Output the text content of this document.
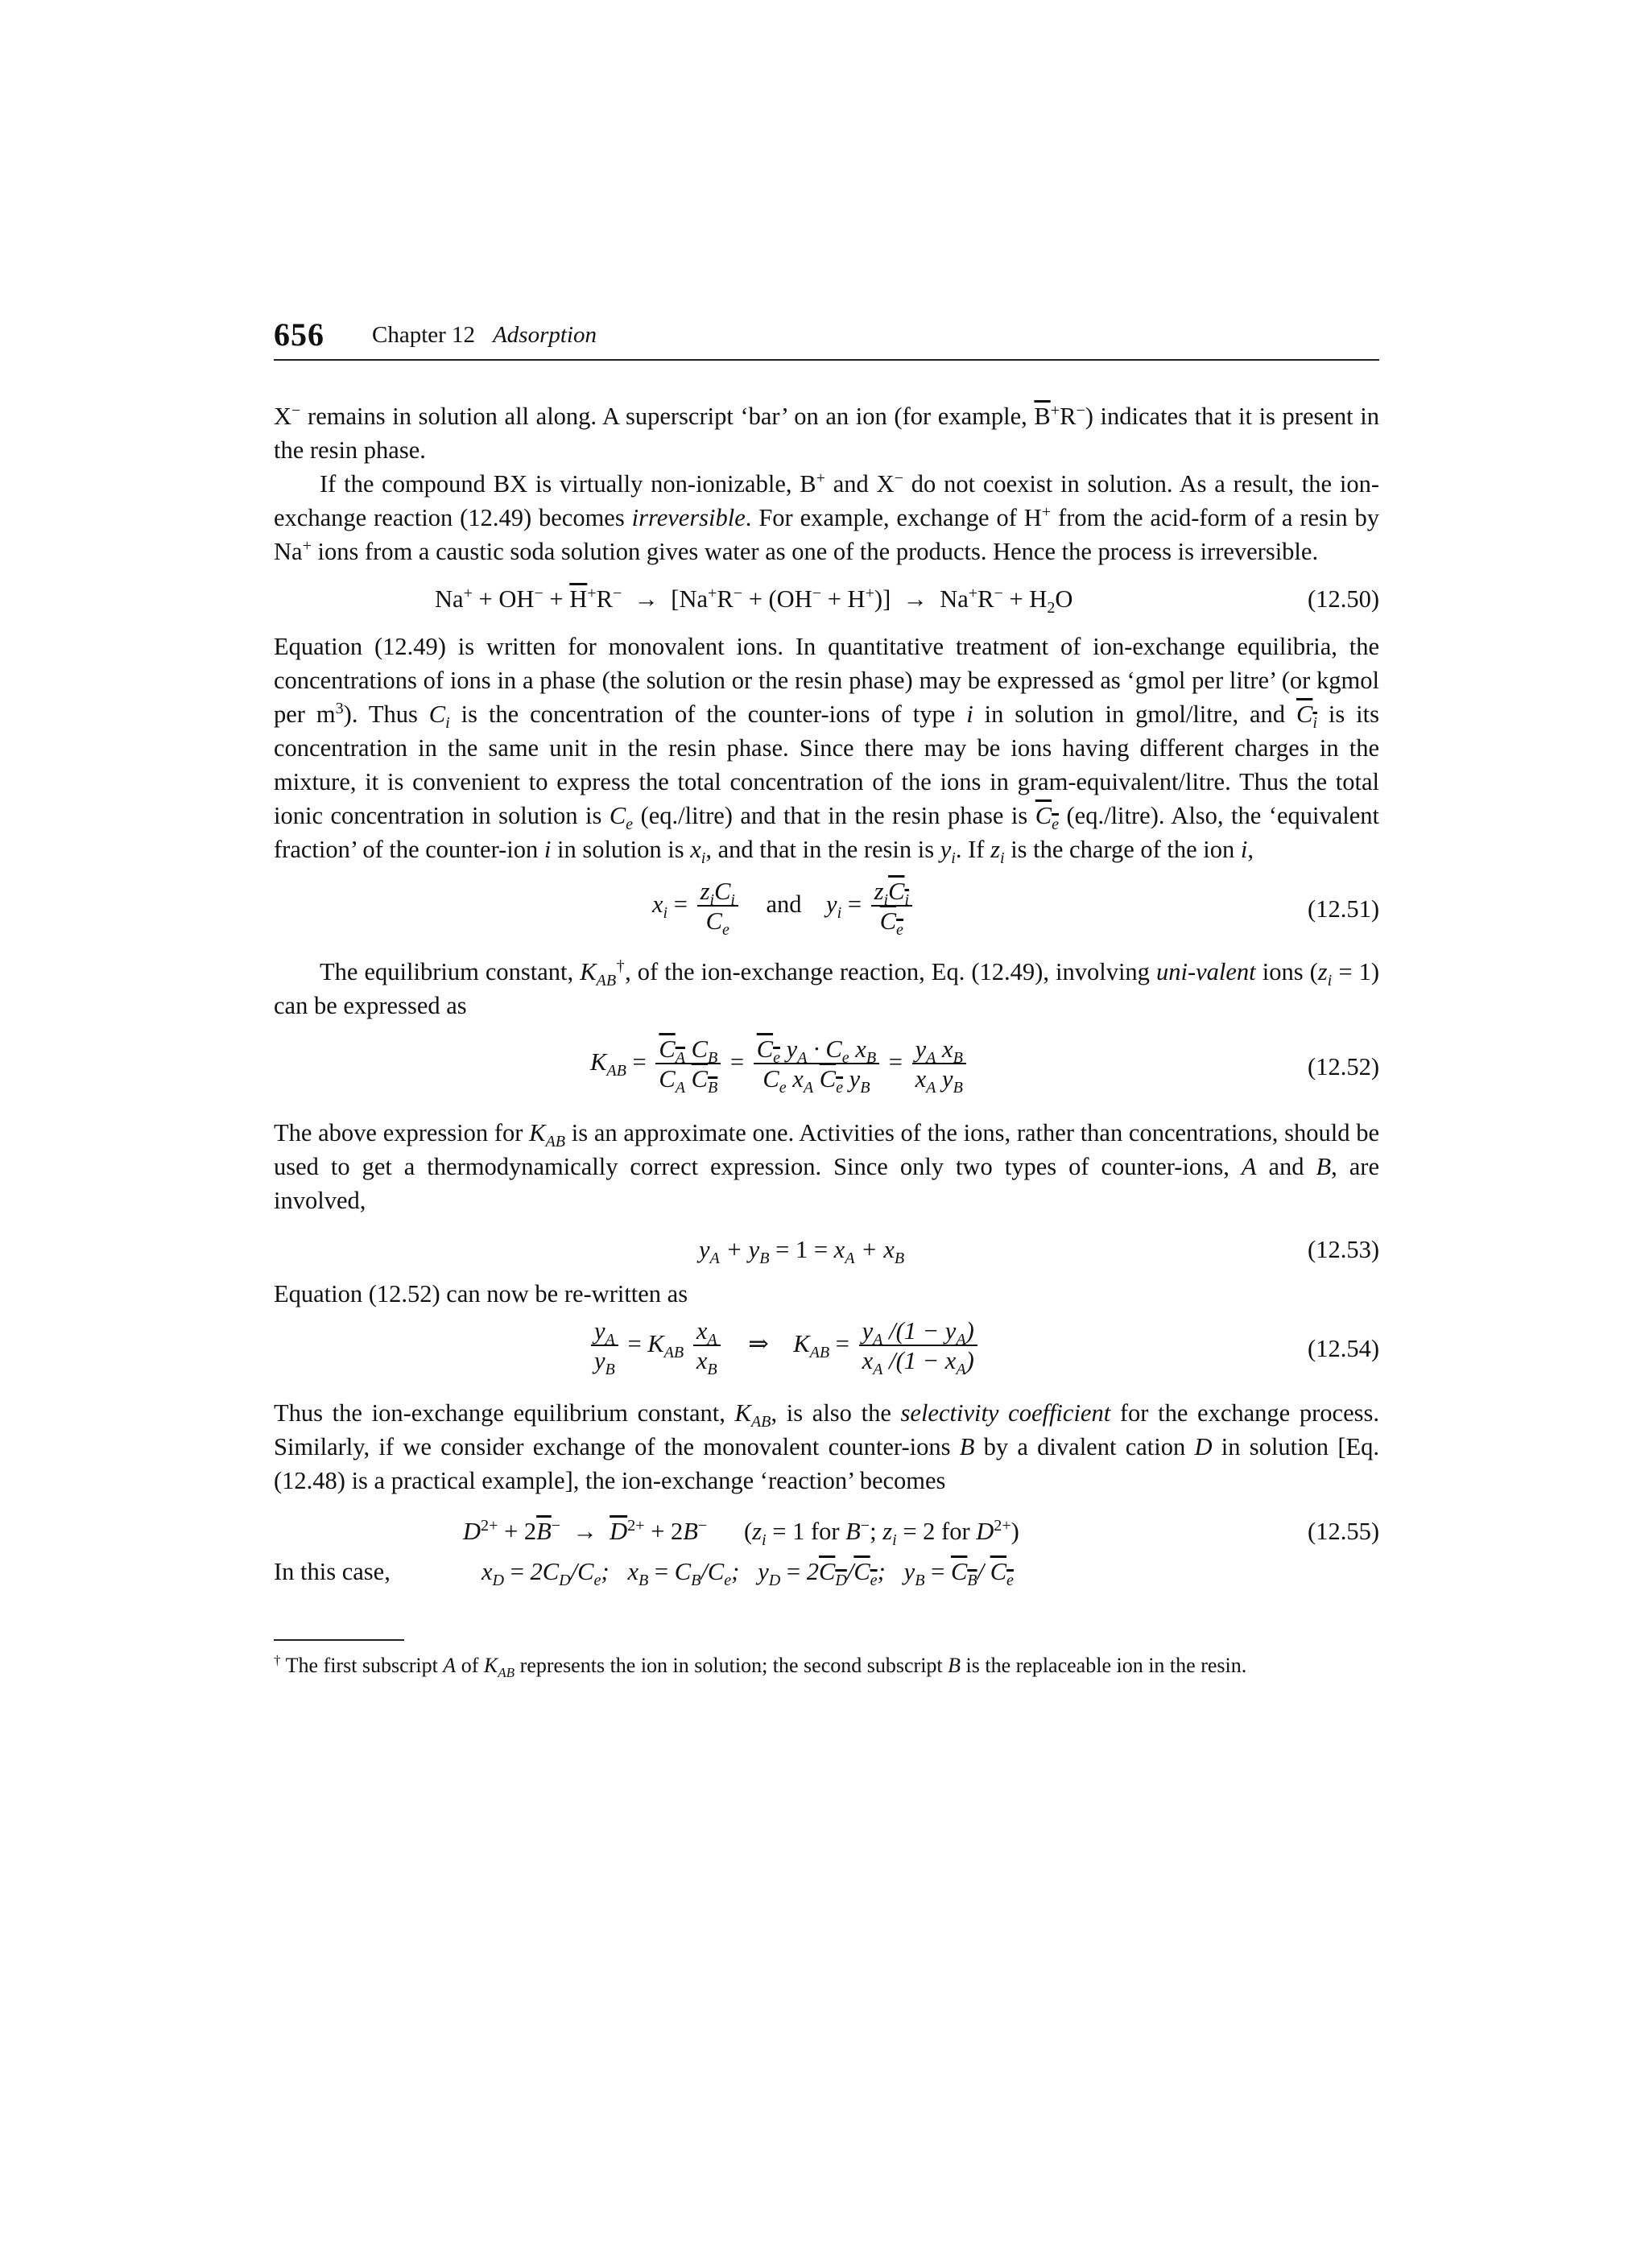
656 Chapter 12 Adsorption

X− remains in solution all along. A superscript ‘bar’ on an ion (for example, $\overline{B}^+R^-$) indicates that it is present in the resin phase.

If the compound BX is virtually non-ionizable, B+ and X− do not coexist in solution. As a result, the ion-exchange reaction (12.49) becomes irreversible. For example, exchange of H+ from the acid-form of a resin by Na+ ions from a caustic soda solution gives water as one of the products. Hence the process is irreversible.

$Na^+ + OH^- + \overline{H}^+R^- \to [Na^+R^- + (OH^- + H^+)] \to Na^+R^- + H_2O$	(12.50)

Equation (12.49) is written for monovalent ions. In quantitative treatment of ion-exchange equilibria, the concentrations of ions in a phase (the solution or the resin phase) may be expressed as ‘gmol per litre’ (or kgmol per $m^3$). Thus $C_i$ is the concentration of the counter-ions of type i in solution in gmol/litre, and $C_i$ is its concentration in the same unit in the resin phase. Since there may be ions having different charges in the mixture, it is convenient to express the total concentration of the ions in gram-equivalent/litre. Thus the total ionic concentration in solution is $C_e$ (eq./litre) and that in the resin phase is $C_e$ (eq./litre). Also, the ‘equivalent fraction’ of the counter-ion i in solution is $x_i$, and that in the resin is $y_i$. If $z_i$ is the charge of the ion i,

$x_i = \frac{z_iC_i}{C_e}$ and $y_i = \frac{z_iC_i}{C_e}$	(12.51)

The equilibrium constant, $K_{AB}^\dagger$, of the ion-exchange reaction, Eq. (12.49), involving uni-valent ions $(z_i = 1)$ can be expressed as

$K_{AB} = \frac{C_A C_B}{C_A C_B} = \frac{C_e y_A \cdot C_e x_B}{C_e x_A C_e y_B} = \frac{y_A x_B}{x_A y_B}$	(12.52)

The above expression for $K_{AB}$ is an approximate one. Activities of the ions, rather than concentrations, should be used to get a thermodynamically correct expression. Since only two types of counter-ions, A and B, are involved,

$y_A + y_B = 1 = x_A + x_B$	(12.53)

Equation (12.52) can now be re-written as

$\frac{y_A}{y_B} = K_{AB} \frac{x_A}{x_B}$ ⇒    $K_{AB} = \frac{y_A /(1 - y_A)}{x_A /(1 - x_A)}$	(12.54)

Thus the ion-exchange equilibrium constant, $K_{AB}$, is also the selectivity coefficient for the exchange process. Similarly, if we consider exchange of the monovalent counter-ions B by a divalent cation D in solution [Eq. (12.48) is a practical example], the ion-exchange ‘reaction’ becomes

$D^{2+} + 2\overline{B}^- \to \overline{D}^{2+} + 2B^-$      ($z_i = 1$ for B−; $z_i = 2$ for $D^{2+}$)	(12.55)
In this case,	$x_D = 2C_D/C_e$;   $x_B = C_B/C_e$;   $y_D = 2C_D/C_e$;   $y_B = C_B/$ $C_e$

† The first subscript A of $K_{AB}$ represents the ion in solution; the second subscript B is the replaceable ion in the resin.
